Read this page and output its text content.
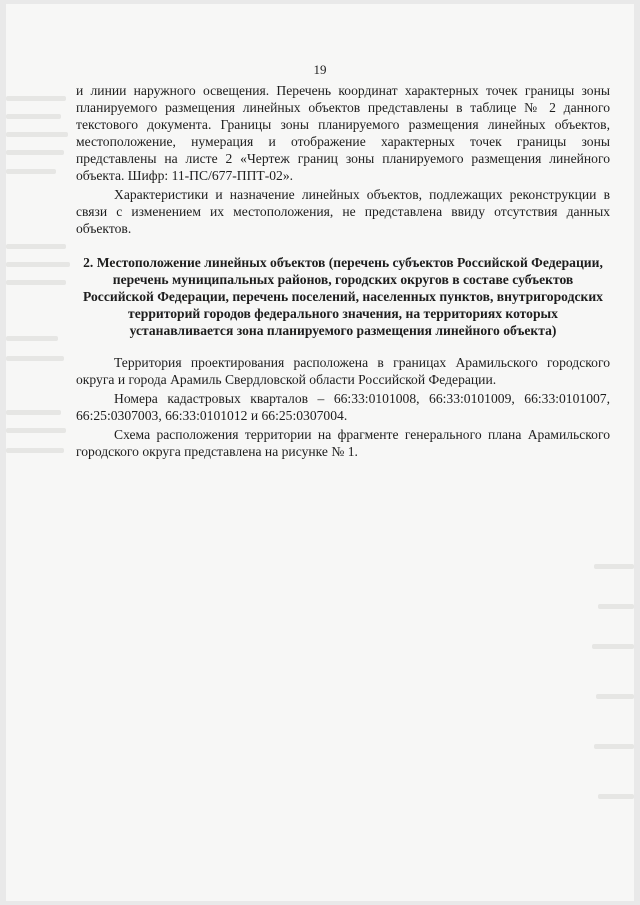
19

и линии наружного освещения. Перечень координат характерных точек границы зоны планируемого размещения линейных объектов представлены в таблице № 2 данного текстового документа. Границы зоны планируемого размещения линейных объектов, местоположение, нумерация и отображение характерных точек границы зоны представлены на листе 2 «Чертеж границ зоны планируемого размещения линейного объекта. Шифр: 11-ПС/677-ППТ-02».

Характеристики и назначение линейных объектов, подлежащих реконструкции в связи с изменением их местоположения, не представлена ввиду отсутствия данных объектов.

2. Местоположение линейных объектов (перечень субъектов Российской Федерации, перечень муниципальных районов, городских округов в составе субъектов Российской Федерации, перечень поселений, населенных пунктов, внутригородских территорий городов федерального значения, на территориях которых устанавливается зона планируемого размещения линейного объекта)

Территория проектирования расположена в границах Арамильского городского округа и города Арамиль Свердловской области Российской Федерации.

Номера кадастровых кварталов – 66:33:0101008, 66:33:0101009, 66:33:0101007, 66:25:0307003, 66:33:0101012 и 66:25:0307004.

Схема расположения территории на фрагменте генерального плана Арамильского городского округа представлена на рисунке № 1.
